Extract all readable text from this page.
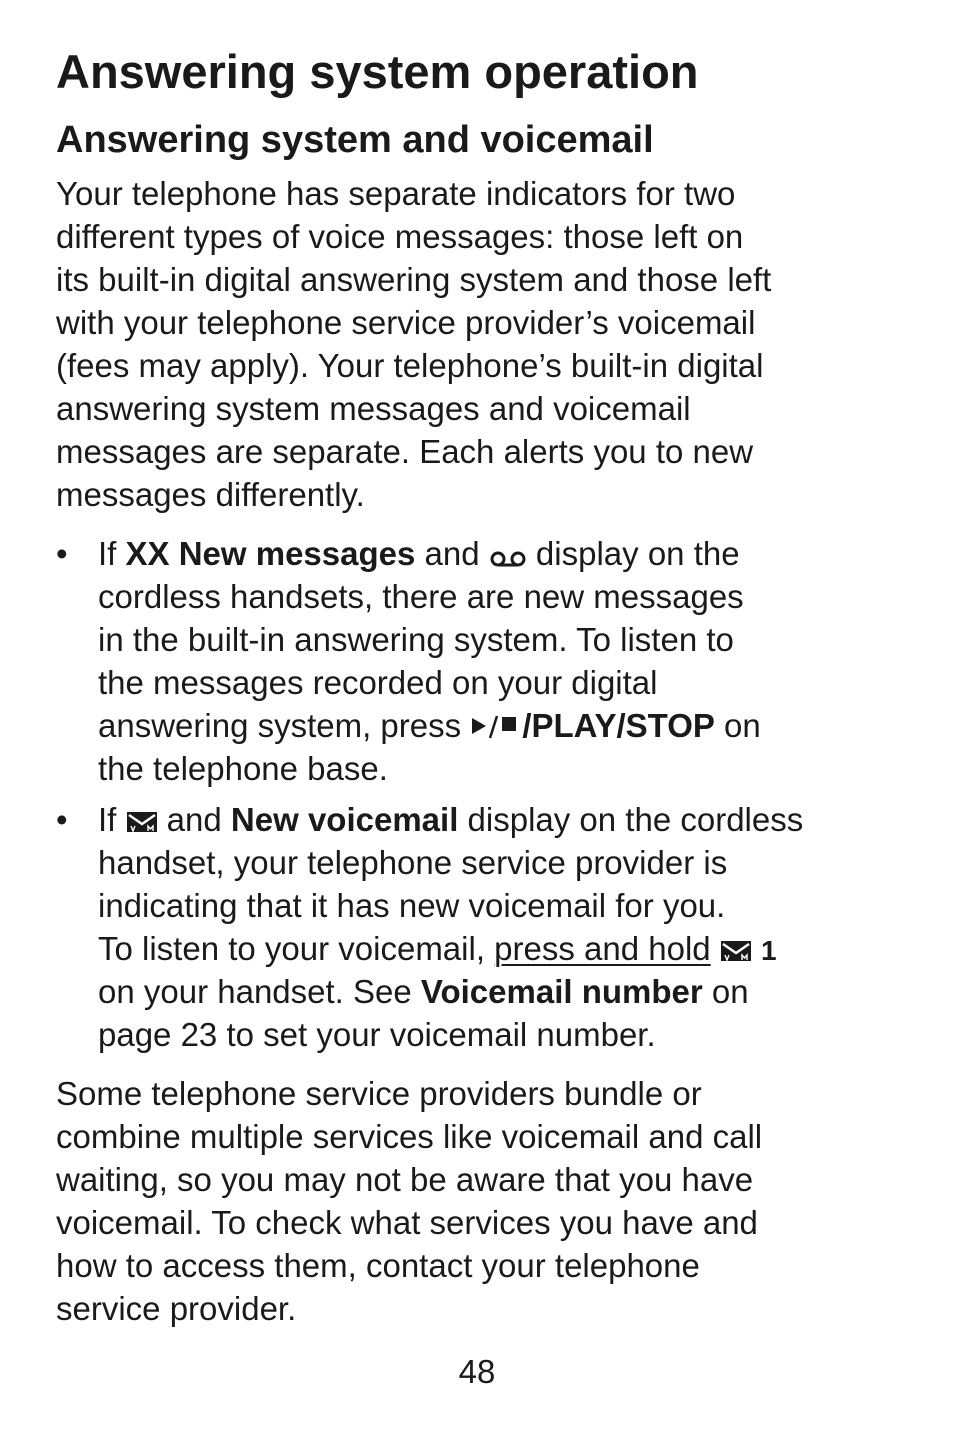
Answering system operation
Answering system and voicemail
Your telephone has separate indicators for two
different types of voice messages: those left on
its built-in digital answering system and those left
with your telephone service provider’s voicemail
(fees may apply). Your telephone’s built-in digital
answering system messages and voicemail
messages are separate. Each alerts you to new
messages differently.
• If XX New messages and  display on the
cordless handsets, there are new messages
in the built-in answering system. To listen to
the messages recorded on your digital
answering system, press /PLAY/STOP on
the telephone base.
• If  and New voicemail display on the cordless
handset, your telephone service provider is
indicating that it has new voicemail for you.
To listen to your voicemail, press and hold 1
on your handset. See Voicemail number on
page 23 to set your voicemail number.
Some telephone service providers bundle or
combine multiple services like voicemail and call
waiting, so you may not be aware that you have
voicemail. To check what services you have and
how to access them, contact your telephone
service provider.
48
